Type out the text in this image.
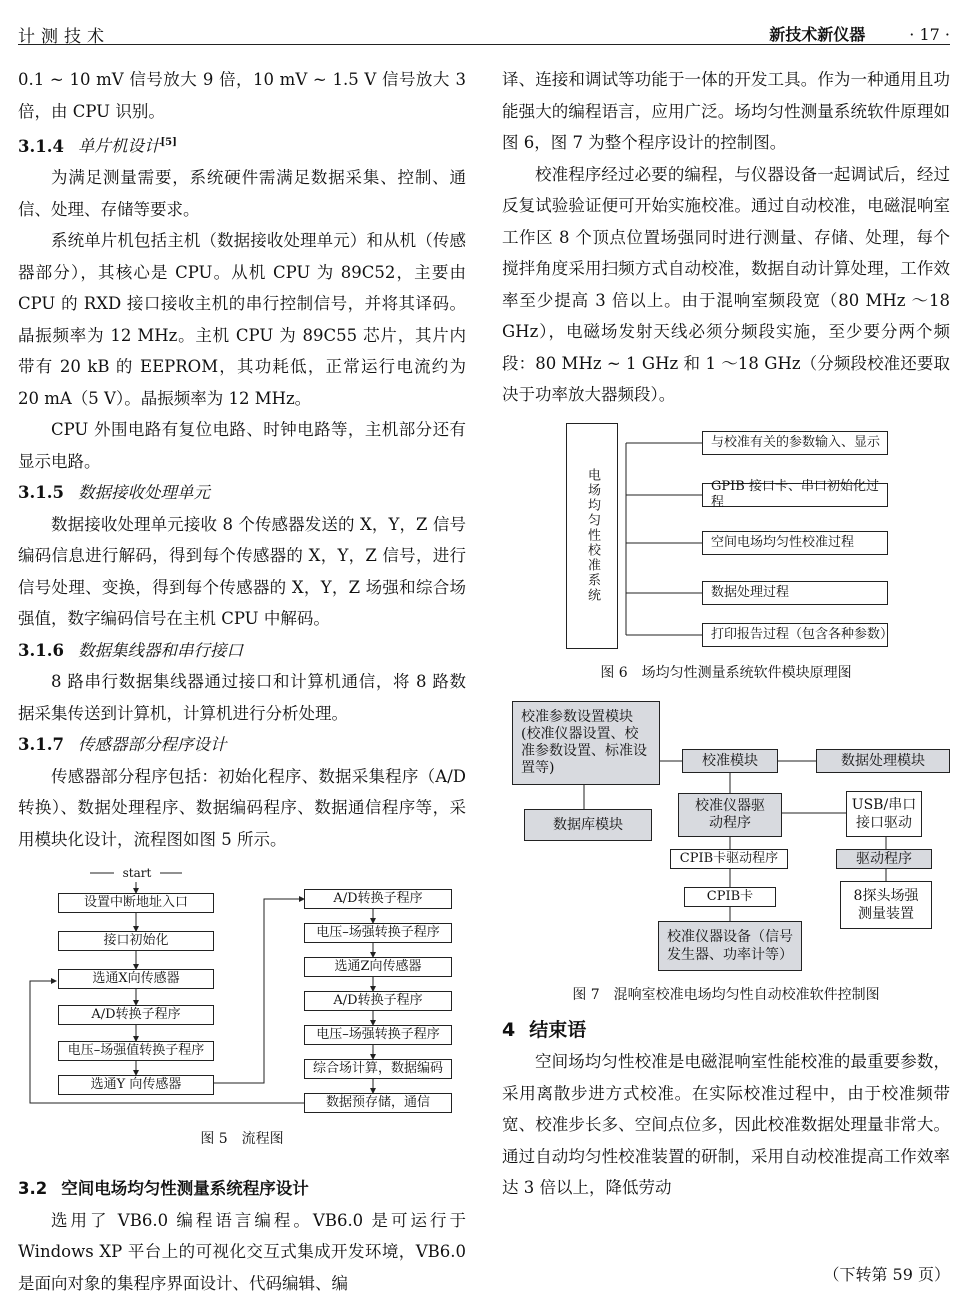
计测技术	新技术新仪器	· 17 ·

0.1 ~ 10 mV 信号放大 9 倍，10 mV ~ 1.5 V 信号放大 3 倍，由 CPU 识别。

3.1.4 单片机设计[5]

为满足测量需要，系统硬件需满足数据采集、控制、通信、处理、存储等要求。

系统单片机包括主机（数据接收处理单元）和从机（传感器部分），其核心是 CPU。从机 CPU 为 89C52，主要由 CPU 的 RXD 接口接收主机的串行控制信号，并将其译码。晶振频率为 12 MHz。主机 CPU 为 89C55 芯片，其片内带有 20 kB 的 EEPROM，其功耗低，正常运行电流约为 20 mA（5 V）。晶振频率为 12 MHz。

CPU 外围电路有复位电路、时钟电路等，主机部分还有显示电路。

3.1.5 数据接收处理单元

数据接收处理单元接收 8 个传感器发送的 X，Y，Z 信号编码信息进行解码，得到每个传感器的 X，Y，Z 信号，进行信号处理、变换，得到每个传感器的 X，Y，Z 场强和综合场强值，数字编码信号在主机 CPU 中解码。

3.1.6 数据集线器和串行接口

8 路串行数据集线器通过接口和计算机通信，将 8 路数据采集传送到计算机，计算机进行分析处理。

3.1.7 传感器部分程序设计

传感器部分程序包括：初始化程序、数据采集程序（A/D 转换）、数据处理程序、数据编码程序、数据通信程序等，采用模块化设计，流程图如图 5 所示。

start
设置中断地址入口
接口初始化
选通X向传感器
A/D转换子程序
电压–场强值转换子程序
选通Y 向传感器
A/D转换子程序
电压–场强转换子程序
选通Z向传感器
A/D转换子程序
电压–场强转换子程序
综合场计算，数据编码
数据预存储，通信

图 5　流程图

3.2 空间电场均匀性测量系统程序设计

选用了 VB6.0 编程语言编程。VB6.0 是可运行于 Windows XP 平台上的可视化交互式集成开发环境，VB6.0 是面向对象的集程序界面设计、代码编辑、编

译、连接和调试等功能于一体的开发工具。作为一种通用且功能强大的编程语言，应用广泛。场均匀性测量系统软件原理如图 6，图 7 为整个程序设计的控制图。

校准程序经过必要的编程，与仪器设备一起调试后，经过反复试验验证便可开始实施校准。通过自动校准，电磁混响室工作区 8 个顶点位置场强同时进行测量、存储、处理，每个搅拌角度采用扫频方式自动校准，数据自动计算处理，工作效率至少提高 3 倍以上。由于混响室频段宽（80 MHz ～18 GHz），电磁场发射天线必须分频段实施，至少要分两个频段：80 MHz ~ 1 GHz 和 1 ～18 GHz（分频段校准还要取决于功率放大器频段）。

电场均匀性校准系统
与校准有关的参数输入、显示
GPIB 接口卡、串口初始化过程
空间电场均匀性校准过程
数据处理过程
打印报告过程（包含各种参数）

图 6　场均匀性测量系统软件模块原理图

校准参数设置模块(校准仪器设置、校准参数设置、标准设置等)	校准模块	数据处理模块
数据库模块
校准仪器驱动程序
USB/串口接口驱动
CPIB卡驱动程序	驱动程序
CPIB卡	8探头场强测量装置
校准仪器设备（信号发生器、功率计等）

图 7　混响室校准电场均匀性自动校准软件控制图

4 结束语

空间场均匀性校准是电磁混响室性能校准的最重要参数，采用离散步进方式校准。在实际校准过程中，由于校准频带宽、校准步长多、空间点位多，因此校准数据处理量非常大。通过自动均匀性校准装置的研制，采用自动校准提高工作效率达 3 倍以上，降低劳动

（下转第 59 页）
